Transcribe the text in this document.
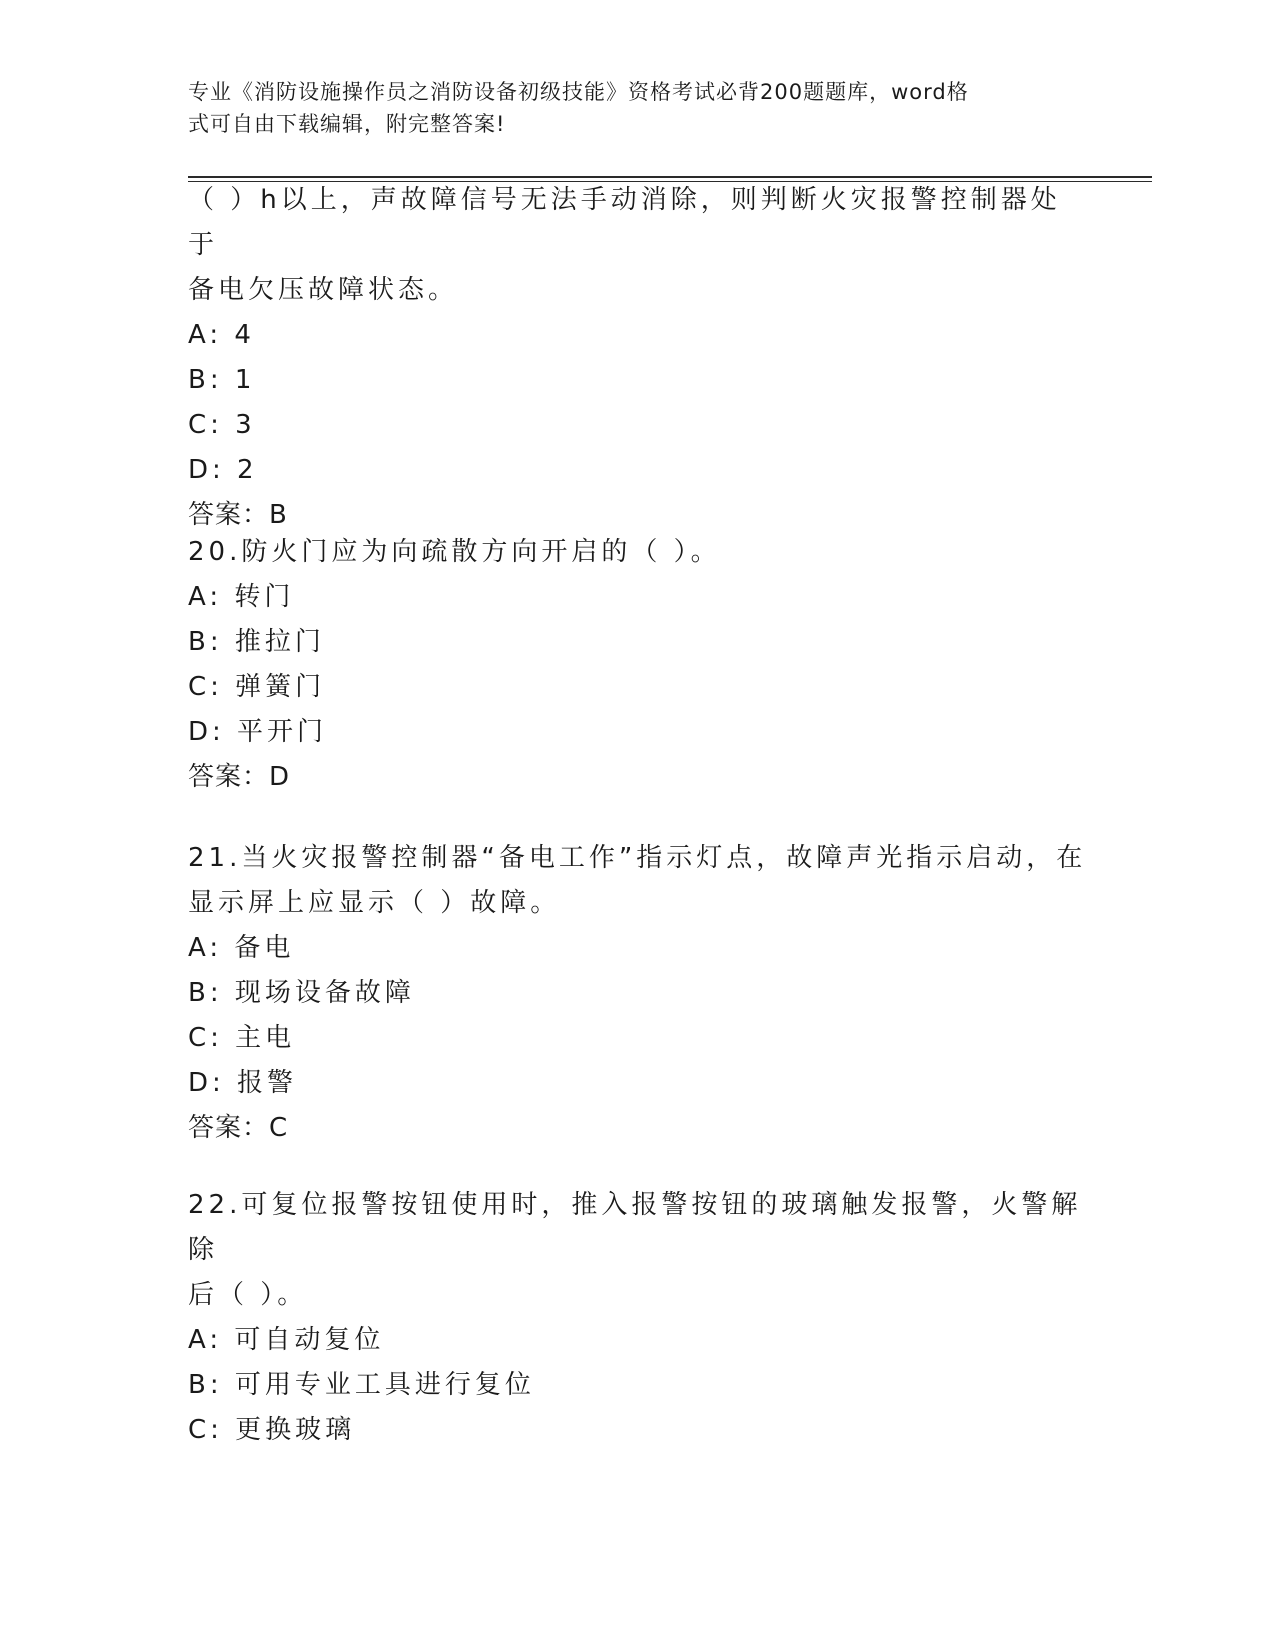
专业《消防设施操作员之消防设备初级技能》资格考试必背200题题库，word格
式可自由下载编辑，附完整答案!
（ ）h以上，声故障信号无法手动消除，则判断火灾报警控制器处于
备电欠压故障状态。
A: 4
B: 1
C: 3
D: 2
答案：B
20.防火门应为向疏散方向开启的（ ）。
A: 转门
B: 推拉门
C: 弹簧门
D: 平开门
答案：D
21.当火灾报警控制器“备电工作”指示灯点，故障声光指示启动，在
显示屏上应显示（ ）故障。
A: 备电
B: 现场设备故障
C: 主电
D: 报警
答案：C
22.可复位报警按钮使用时，推入报警按钮的玻璃触发报警，火警解除
后（ ）。
A: 可自动复位
B: 可用专业工具进行复位
C: 更换玻璃
